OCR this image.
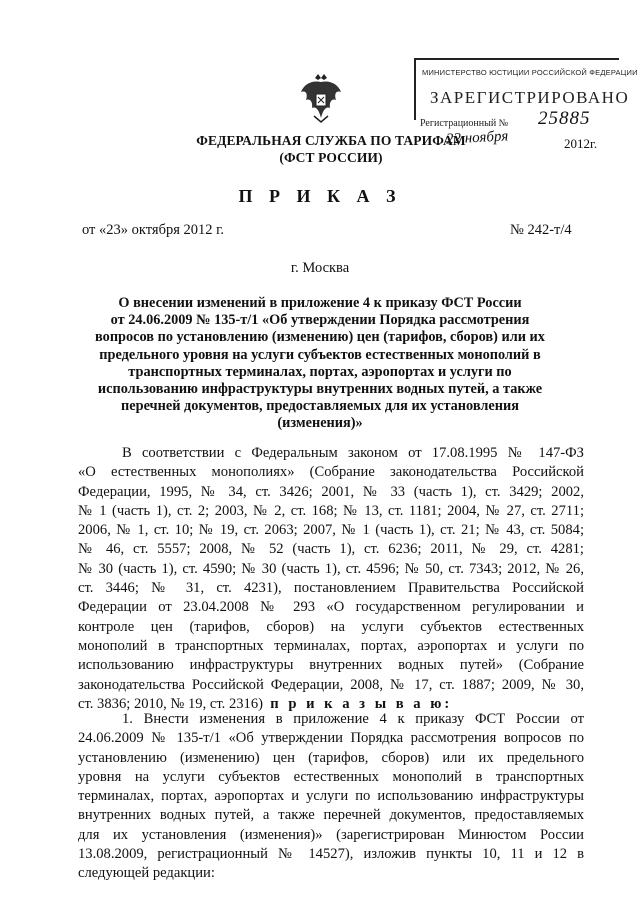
ФЕДЕРАЛЬНАЯ СЛУЖБА ПО ТАРИФАМ
(ФСТ РОССИИ)
МИНИСТЕРСТВО ЮСТИЦИИ РОССИЙСКОЙ ФЕДЕРАЦИИ
ЗАРЕГИСТРИРОВАНО
Регистрационный № 25885
22 ноября	2012г.
П Р И К А З
от «23» октября 2012 г.	№ 242-т/4
г. Москва
О внесении изменений в приложение 4 к приказу ФСТ России
от 24.06.2009 № 135-т/1 «Об утверждении Порядка рассмотрения
вопросов по установлению (изменению) цен (тарифов, сборов) или их
предельного уровня на услуги субъектов естественных монополий в
транспортных терминалах, портах, аэропортах и услуги по
использованию инфраструктуры внутренних водных путей, а также
перечней документов, предоставляемых для их установления
(изменения)»
В соответствии с Федеральным законом от 17.08.1995 № 147-ФЗ
«О естественных монополиях» (Собрание законодательства Российской
Федерации, 1995, № 34, ст. 3426; 2001, № 33 (часть 1), ст. 3429; 2002,
№ 1 (часть 1), ст. 2; 2003, № 2, ст. 168; № 13, ст. 1181; 2004, № 27, ст. 2711;
2006, № 1, ст. 10; № 19, ст. 2063; 2007, № 1 (часть 1), ст. 21; № 43, ст. 5084;
№ 46, ст. 5557; 2008, № 52 (часть 1), ст. 6236; 2011, № 29, ст. 4281;
№ 30 (часть 1), ст. 4590; № 30 (часть 1), ст. 4596; № 50, ст. 7343; 2012, № 26,
ст. 3446; № 31, ст. 4231), постановлением Правительства Российской
Федерации от 23.04.2008 № 293 «О государственном регулировании и
контроле цен (тарифов, сборов) на услуги субъектов естественных
монополий в транспортных терминалах, портах, аэропортах и услуги по
использованию инфраструктуры внутренних водных путей» (Собрание
законодательства Российской Федерации, 2008, № 17, ст. 1887; 2009, № 30,
ст. 3836; 2010, № 19, ст. 2316) п р и к а з ы в а ю:
1. Внести изменения в приложение 4 к приказу ФСТ России от
24.06.2009 № 135-т/1 «Об утверждении Порядка рассмотрения вопросов по
установлению (изменению) цен (тарифов, сборов) или их предельного
уровня на услуги субъектов естественных монополий в транспортных
терминалах, портах, аэропортах и услуги по использованию инфраструктуры
внутренних водных путей, а также перечней документов, предоставляемых
для их установления (изменения)» (зарегистрирован Минюстом России
13.08.2009, регистрационный № 14527), изложив пункты 10, 11 и 12 в
следующей редакции:
